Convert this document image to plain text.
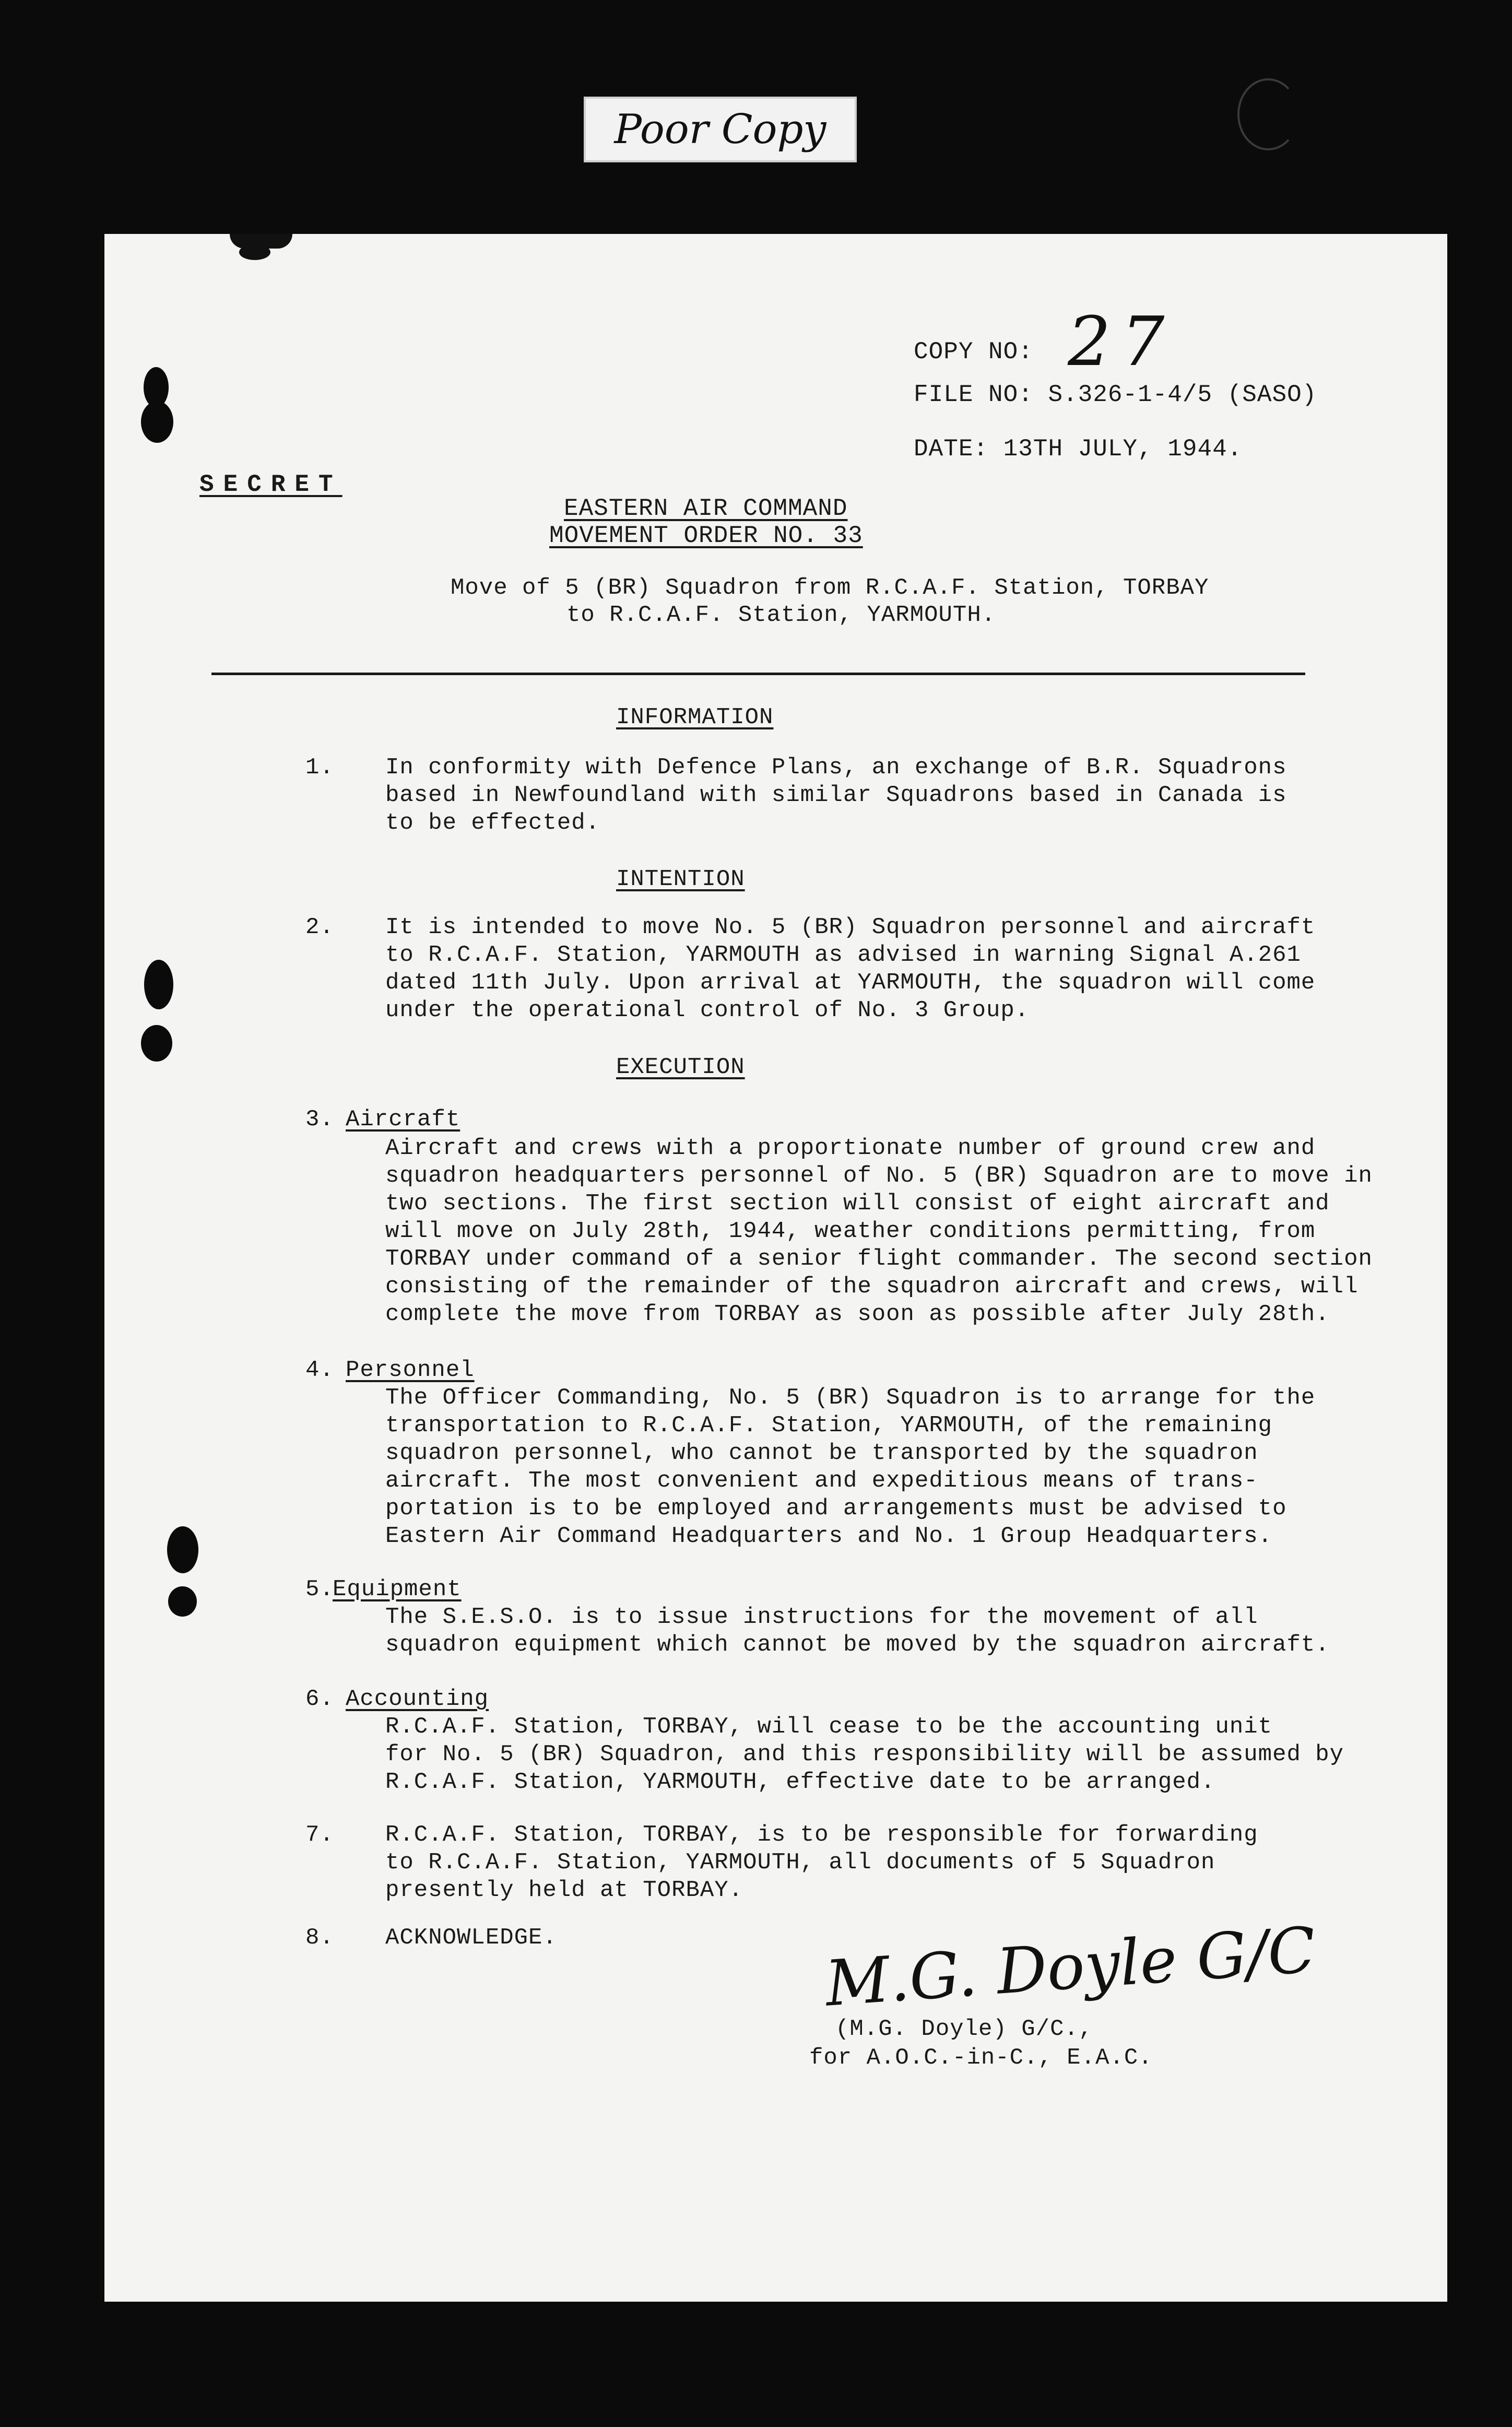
Poor Copy
COPY NO: 27
FILE NO: S.326-1-4/5 (SASO)
DATE: 13TH JULY, 1944.
SECRET
EASTERN AIR COMMAND
MOVEMENT ORDER NO. 33
Move of 5 (BR) Squadron from R.C.A.F. Station, TORBAY
to R.C.A.F. Station, YARMOUTH.
INFORMATION
1. In conformity with Defence Plans, an exchange of B.R. Squadrons
based in Newfoundland with similar Squadrons based in Canada is
to be effected.
INTENTION
2. It is intended to move No. 5 (BR) Squadron personnel and aircraft
to R.C.A.F. Station, YARMOUTH as advised in warning Signal A.261
dated 11th July. Upon arrival at YARMOUTH, the squadron will come
under the operational control of No. 3 Group.
EXECUTION
3. Aircraft
Aircraft and crews with a proportionate number of ground crew and
squadron headquarters personnel of No. 5 (BR) Squadron are to move in
two sections. The first section will consist of eight aircraft and
will move on July 28th, 1944, weather conditions permitting, from
TORBAY under command of a senior flight commander. The second section
consisting of the remainder of the squadron aircraft and crews, will
complete the move from TORBAY as soon as possible after July 28th.
4. Personnel
The Officer Commanding, No. 5 (BR) Squadron is to arrange for the
transportation to R.C.A.F. Station, YARMOUTH, of the remaining
squadron personnel, who cannot be transported by the squadron
aircraft. The most convenient and expeditious means of trans-
portation is to be employed and arrangements must be advised to
Eastern Air Command Headquarters and No. 1 Group Headquarters.
5.
Equipment
The S.E.S.O. is to issue instructions for the movement of all
squadron equipment which cannot be moved by the squadron aircraft.
6. Accounting
R.C.A.F. Station, TORBAY, will cease to be the accounting unit
for No. 5 (BR) Squadron, and this responsibility will be assumed by
R.C.A.F. Station, YARMOUTH, effective date to be arranged.
7. R.C.A.F. Station, TORBAY, is to be responsible for forwarding
to R.C.A.F. Station, YARMOUTH, all documents of 5 Squadron
presently held at TORBAY.
8. ACKNOWLEDGE.	M.G. Doyle G/C
(M.G. Doyle) G/C.,
for A.O.C.-in-C., E.A.C.
